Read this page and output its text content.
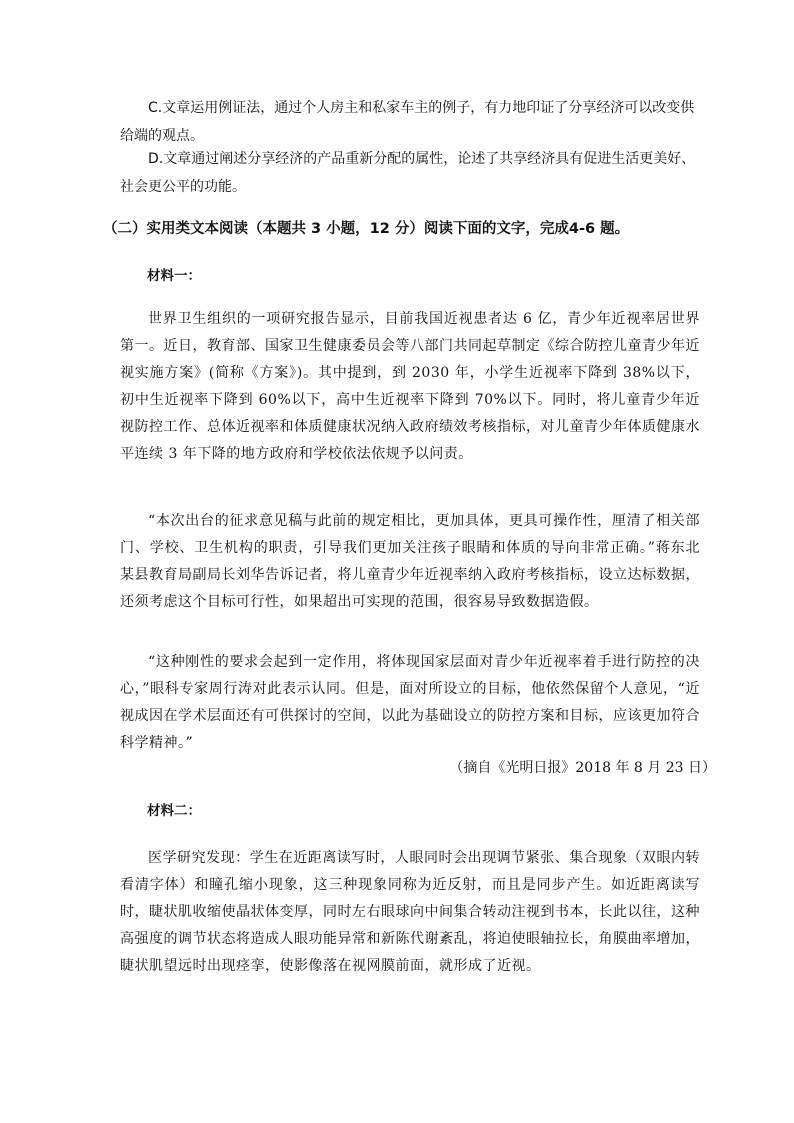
C.文章运用例证法，通过个人房主和私家车主的例子，有力地印证了分享经济可以改变供给端的观点。

D.文章通过阐述分享经济的产品重新分配的属性，论述了共享经济具有促进生活更美好、社会更公平的功能。

（二）实用类文本阅读（本题共 3 小题，12 分）阅读下面的文字，完成4-6 题。

材料一：

世界卫生组织的一项研究报告显示，目前我国近视患者达 6 亿，青少年近视率居世界第一。近日，教育部、国家卫生健康委员会等八部门共同起草制定《综合防控儿童青少年近视实施方案》(简称《方案》)。其中提到，到 2030 年，小学生近视率下降到 38%以下，初中生近视率下降到 60%以下，高中生近视率下降到 70%以下。同时，将儿童青少年近视防控工作、总体近视率和体质健康状况纳入政府绩效考核指标，对儿童青少年体质健康水平连续 3 年下降的地方政府和学校依法依规予以问责。

“本次出台的征求意见稿与此前的规定相比，更加具体，更具可操作性，厘清了相关部门、学校、卫生机构的职责，引导我们更加关注孩子眼睛和体质的导向非常正确。”蒋东北某县教育局副局长刘华告诉记者，将儿童青少年近视率纳入政府考核指标，设立达标数据，还须考虑这个目标可行性，如果超出可实现的范围，很容易导致数据造假。

“这种刚性的要求会起到一定作用，将体现国家层面对青少年近视率着手进行防控的决心，”眼科专家周行涛对此表示认同。但是，面对所设立的目标，他依然保留个人意见，“近视成因在学术层面还有可供探讨的空间，以此为基础设立的防控方案和目标，应该更加符合科学精神。”

（摘自《光明日报》2018 年 8 月 23 日）

材料二：

医学研究发现：学生在近距离读写时，人眼同时会出现调节紧张、集合现象（双眼内转看清字体）和瞳孔缩小现象，这三种现象同称为近反射，而且是同步产生。如近距离读写时，睫状肌收缩使晶状体变厚，同时左右眼球向中间集合转动注视到书本，长此以往，这种高强度的调节状态将造成人眼功能异常和新陈代谢紊乱，将迫使眼轴拉长，角膜曲率增加，睫状肌望远时出现痉挛，使影像落在视网膜前面，就形成了近视。
